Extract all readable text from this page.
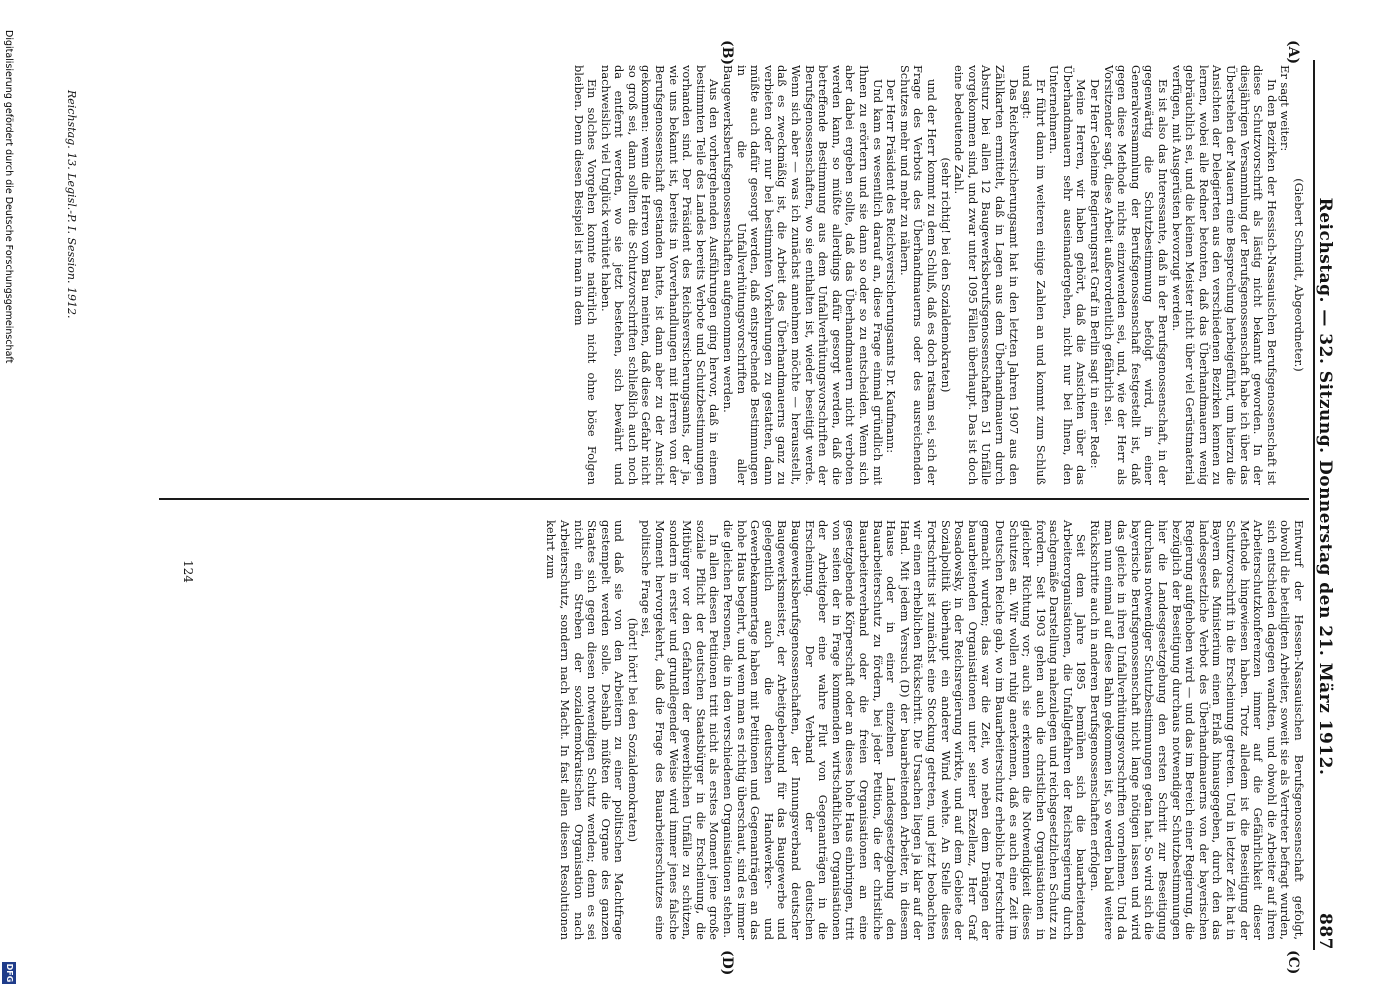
Reichstag. — 32. Sitzung. Donnerstag den 21. März 1912.
887
(A)
(B)
(C)
(D)

(Giebert Schmidt, Abgeordneter.)

Er sagt weiter:

In den Bezirken der Hessisch-Nassauischen Berufsgenossenschaft ist diese Schutzvorschrift als lästig nicht bekannt geworden. In der diesjährigen Versammlung der Berufsgenossenschaft habe ich über das Überstehen der Mauern eine Besprechung herbeigeführt, um hierzu die Ansichten der Delegierten aus den verschiedenen Bezirken kennen zu lernen, wobei alle Redner betonten, daß das Überhandmauern wenig gebräuchlich sei, und die kleinen Meister nicht über viel Gerüstmaterial verfügen, mit Ausgerüsten bevorzugt werden.

Es ist also das Interessante, daß in der Berufsgenossenschaft, in der gegenwärtig die Schutzbestimmung befolgt wird, in einer Generalversammlung der Berufsgenossenschaft festgestellt ist, daß gegen diese Methode nichts einzuwenden sei, und, wie der Herr als Vorsitzender sagt, diese Arbeit außerordentlich gefährlich sei.

Der Herr Geheime Regierungsrat Graf in Berlin sagt in einer Rede:

Meine Herren, wir haben gehört, daß die Ansichten über das Überhandmauern sehr auseinandergehen, nicht nur bei Ihnen, den Unternehmern.

Er führt dann im weiteren einige Zahlen an und kommt zum Schluß und sagt:

Das Reichsversicherungsamt hat in den letzten Jahren 1907 aus den Zählkarten ermittelt, daß in Lagen aus dem Überhandmauern durch Absturz bei allen 12 Baugewerksberufsgenossenschaften 51 Unfälle vorgekommen sind, und zwar unter 1095 Fällen überhaupt. Das ist doch eine bedeutende Zahl.

(sehr richtig! bei den Sozialdemokraten)

und der Herr kommt zu dem Schluß, daß es doch ratsam sei, sich der Frage des Verbots des Überhandmauerns oder des ausreichenden Schutzes mehr und mehr zu nähern.

Der Herr Präsident des Reichsversicherungsamts Dr. Kaufmann:

Und kam es wesentlich darauf an, diese Frage einmal gründlich mit Ihnen zu erörtern und sie dann so oder so zu entscheiden. Wenn sich aber dabei ergeben sollte, daß das Überhandmauern nicht verboten werden kann, so müßte allerdings dafür gesorgt werden, daß die betreffende Bestimmung aus dem Unfallverhütungsvorschriften der Berufsgenossenschaften, wo sie enthalten ist, wieder beseitigt werde. Wenn sich aber — was ich zunächst annehmen möchte — herausstellt, daß es zweckmäßig ist, die Arbeit des Überhandmauerns ganz zu verbieten oder nur bei bestimmten Vorkehrungen zu gestatten, dann müßte auch dafür gesorgt werden, daß entsprechende Bestimmungen in die Unfallverhütungsvorschriften aller Baugewerksberufsgenossenschaften aufgenommen werden.

Aus den vorhergehenden Ausführungen ging hervor, daß in einem bestimmten Teile des Landes bereits Verbote und Schutzbestimmungen vorhanden sind. Der Präsident des Reichsversicherungsamts, der ja, wie uns bekannt ist, bereits in Vorverhandlungen mit Herren von der Berufsgenossenschaft gestanden hatte, ist dann aber zu der Ansicht gekommen: wenn die Herren vom Bau meinten, daß diese Gefahr nicht so groß sei, dann sollten die Schutzvorschriften schließlich auch noch da entfernt werden, wo sie jetzt bestehen, sich bewährt und nachweislich viel Unglück verhütet haben.

Ein solches Vorgehen konnte natürlich nicht ohne böse Folgen bleiben. Denn diesen Beispiel ist man in dem

Entwurf der Hessen-Nassauischen Berufsgenossenschaft gefolgt, obwohl die beteiligten Arbeiter, soweit sie als Vertreter befragt wurden, sich entschieden dagegen wandten, und obwohl die Arbeiter auf ihren Arbeiterschutzkonferenzen immer auf die Gefährlichkeit dieser Methode hingewiesen haben. Trotz alledem ist die Beseitigung der Schutzvorschrift in die Erscheinung getreten. Und in letzter Zeit hat in Bayern das Ministerium einen Erlaß hinausgegeben, durch den das landesgesetzliche Verbot des Überhandmauerns von der bayerischen Regierung aufgehoben wird — und das im Bereich einer Regierung, die bezüglich der Beseitigung durchaus notwendiger Schutzbestimmungen hier die Landesgesetzgebung den ersten Schritt zur Beseitigung durchaus notwendiger Schutzbestimmungen getan hat. So wird sich die bayerische Berufsgenossenschaft nicht lange nötigen lassen und wird das gleiche in ihren Unfallverhütungsvorschriften vornehmen. Und da man nun einmal auf diese Bahn gekommen ist, so werden bald weitere Rückschritte auch in anderen Berufsgenossenschaften erfolgen.

Seit dem Jahre 1895 bemühen sich die bauarbeitenden Arbeiterorganisationen, die Unfallgefahren der Reichsregierung durch sachgemäße Darstellung nahezulegen und reichsgesetzlichen Schutz zu fordern. Seit 1903 gehen auch die christlichen Organisationen in gleicher Richtung vor; auch sie erkennen die Notwendigkeit dieses Schutzes an. Wir wollen ruhig anerkennen, daß es auch eine Zeit im Deutschen Reiche gab, wo im Bauarbeiterschutz erhebliche Fortschritte gemacht wurden; das war die Zeit, wo neben dem Drängen der bauarbeitenden Organisationen unter seiner Exzellenz, Herr Graf Posadowsky, in der Reichsregierung wirkte, und auf dem Gebiete der Sozialpolitik überhaupt ein anderer Wind wehte. An Stelle dieses Fortschritts ist zunächst eine Stockung getreten, und jetzt beobachten wir einen erheblichen Rückschritt. Die Ursachen liegen ja klar auf der Hand. Mit jedem Versuch (D) der bauarbeitenden Arbeiter, in diesem Hause oder in einer einzelnen Landesgesetzgebung den Bauarbeiterschutz zu fördern, bei jeder Petition, die der christliche Bauarbeiterverband oder die freien Organisationen an eine gesetzgebende Körperschaft oder an dieses hohe Haus einbringen, tritt von seiten der in Frage kommenden wirtschaftlichen Organisationen der Arbeitgeber eine wahre Flut von Gegenanträgen in die Erscheinung. Der Verband der deutschen Baugewerksberufsgenossenschaften, der Innungsverband deutscher Baugewerksmeister, der Arbeitgeberbund für das Baugewerbe und gelegentlich auch die deutschen Handwerker- und Gewerbekammertage haben mit Petitionen und Gegenanträgen an das hohe Haus begehrt, und wenn man es richtig überschaut, sind es immer die gleichen Personen, die in den verschiedenen Organisationen stehen.

In allen diesen Petitionen tritt nicht als erstes Moment jene große soziale Pflicht der deutschen Staatsbürger in die Erscheinung, die Mitbürger vor den Gefahren der gewerblichen Unfälle zu schützen, sondern in erster und grundlegender Weise wird immer jenes falsche Moment hervorgekehrt, daß die Frage des Bauarbeiterschutzes eine politische Frage sei,

(hört! hört! bei den Sozialdemokraten)

und daß sie von den Arbeitern zu einer politischen Machtfrage gestempelt werden solle. Deshalb müßten die Organe des ganzen Staates sich gegen diesen notwendigen Schutz wenden; denn es sei nicht ein Streben der sozialdemokratischen Organisation nach Arbeiterschutz, sondern nach Macht. In fast allen diesen Resolutionen kehrt zum

Reichstag. 13. Legisl.-P. I. Session. 1912.
124
Digitalisierung gefördert durch die Deutsche Forschungsgemeinschaft
DFG
